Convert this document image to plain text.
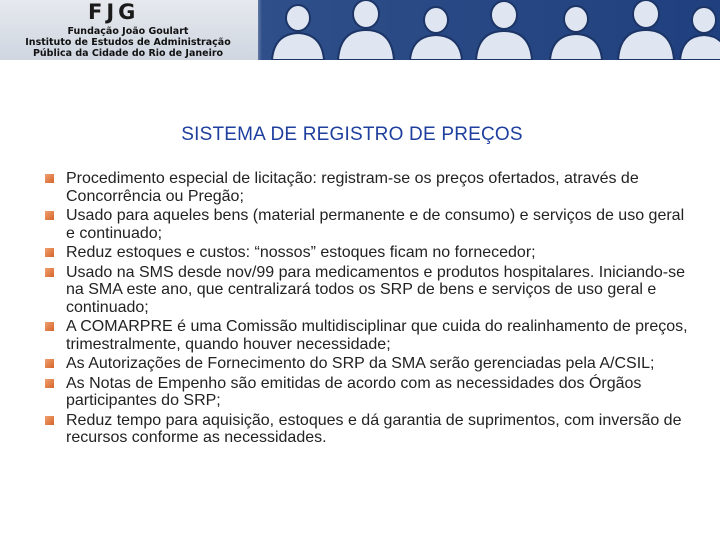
FJG
Fundação João Goulart
Instituto de Estudos de Administração
Pública da Cidade do Rio de Janeiro
SISTEMA DE REGISTRO DE PREÇOS
Procedimento especial de licitação: registram-se os preços ofertados, através de Concorrência ou Pregão;
Usado para aqueles bens (material permanente e de consumo) e serviços de uso geral e continuado;
Reduz estoques e custos: “nossos” estoques ficam no fornecedor;
Usado na SMS desde nov/99 para medicamentos e produtos hospitalares. Iniciando-se na SMA este ano, que centralizará todos os SRP de bens e serviços de uso geral e continuado;
A COMARPRE é uma Comissão multidisciplinar que cuida do realinhamento de preços, trimestralmente, quando houver necessidade;
As Autorizações de Fornecimento do SRP da SMA serão gerenciadas pela A/CSIL;
As Notas de Empenho são emitidas de acordo com as necessidades dos Órgãos participantes do SRP;
Reduz tempo para aquisição, estoques e dá garantia de suprimentos, com inversão de recursos conforme as necessidades.
